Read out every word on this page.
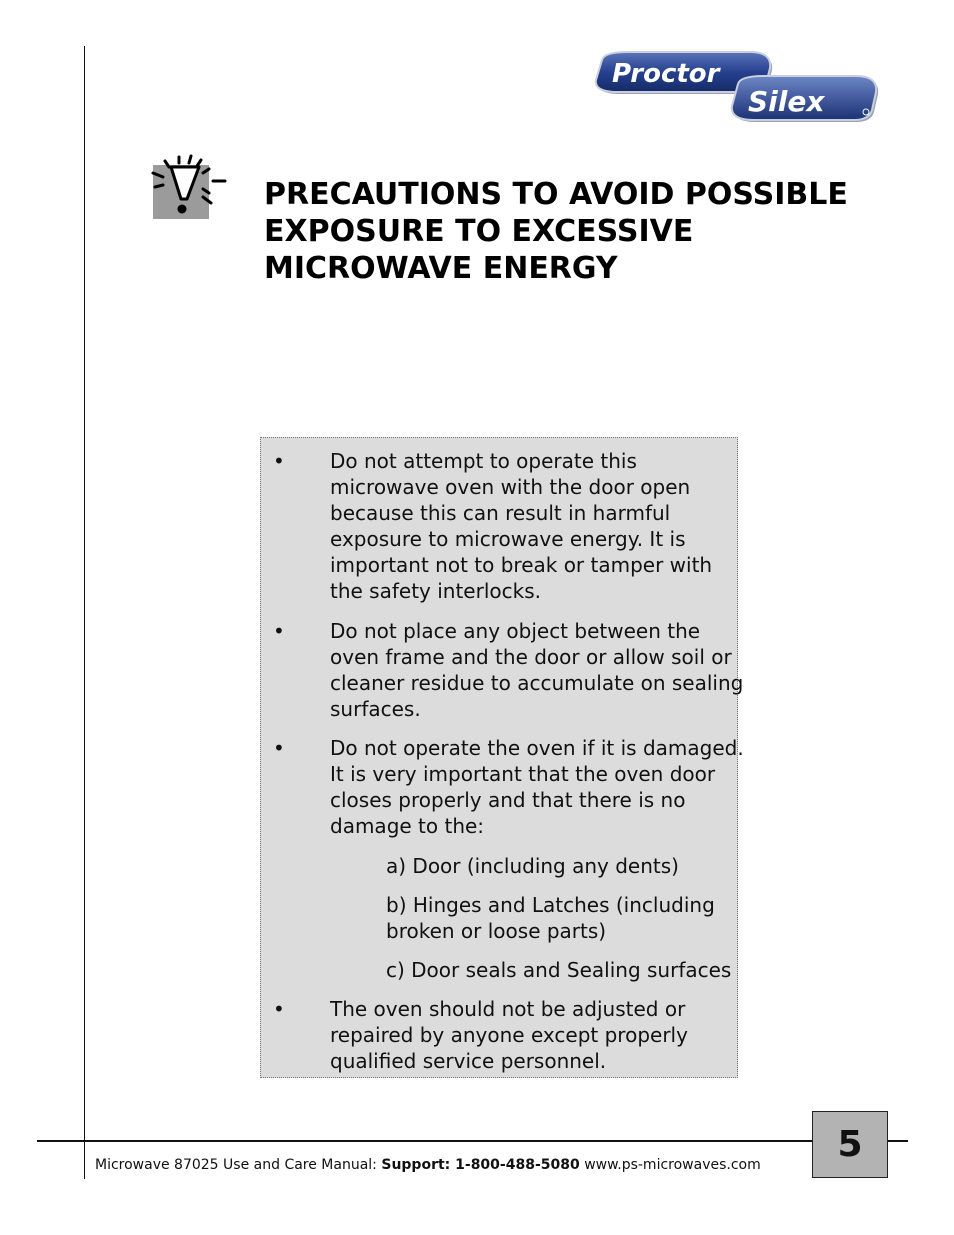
Proctor
Silex
PRECAUTIONS TO AVOID POSSIBLE
EXPOSURE TO EXCESSIVE
MICROWAVE ENERGY
• Do not attempt to operate this
microwave oven with the door open
because this can result in harmful
exposure to microwave energy. It is
important not to break or tamper with
the safety interlocks.
• Do not place any object between the
oven frame and the door or allow soil or
cleaner residue to accumulate on sealing
surfaces.
• Do not operate the oven if it is damaged.
It is very important that the oven door
closes properly and that there is no
damage to the:
a) Door (including any dents)
b) Hinges and Latches (including
broken or loose parts)
c) Door seals and Sealing surfaces
• The oven should not be adjusted or
repaired by anyone except properly
qualified service personnel.
Microwave 87025 Use and Care Manual: Support: 1-800-488-5080 www.ps-microwaves.com	5
